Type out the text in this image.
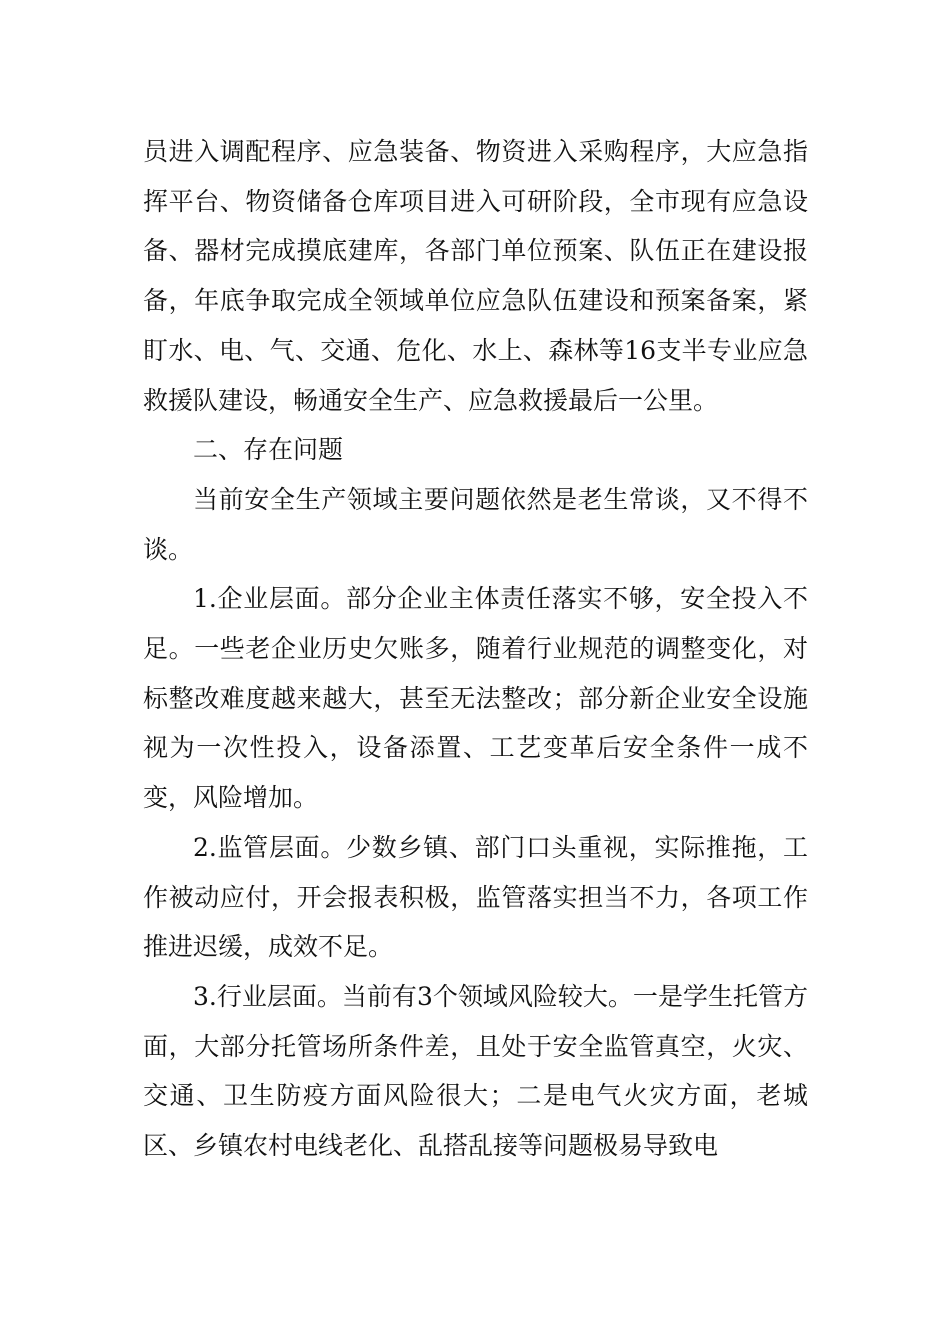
员进入调配程序、应急装备、物资进入采购程序，大应急指挥平台、物资储备仓库项目进入可研阶段，全市现有应急设备、器材完成摸底建库，各部门单位预案、队伍正在建设报备，年底争取完成全领域单位应急队伍建设和预案备案，紧盯水、电、气、交通、危化、水上、森林等16支半专业应急救援队建设，畅通安全生产、应急救援最后一公里。

二、存在问题

当前安全生产领域主要问题依然是老生常谈，又不得不谈。

1.企业层面。部分企业主体责任落实不够，安全投入不足。一些老企业历史欠账多，随着行业规范的调整变化，对标整改难度越来越大，甚至无法整改；部分新企业安全设施视为一次性投入，设备添置、工艺变革后安全条件一成不变，风险增加。

2.监管层面。少数乡镇、部门口头重视，实际推拖，工作被动应付，开会报表积极，监管落实担当不力，各项工作推进迟缓，成效不足。

3.行业层面。当前有3个领域风险较大。一是学生托管方面，大部分托管场所条件差，且处于安全监管真空，火灾、交通、卫生防疫方面风险很大；二是电气火灾方面，老城区、乡镇农村电线老化、乱搭乱接等问题极易导致电
